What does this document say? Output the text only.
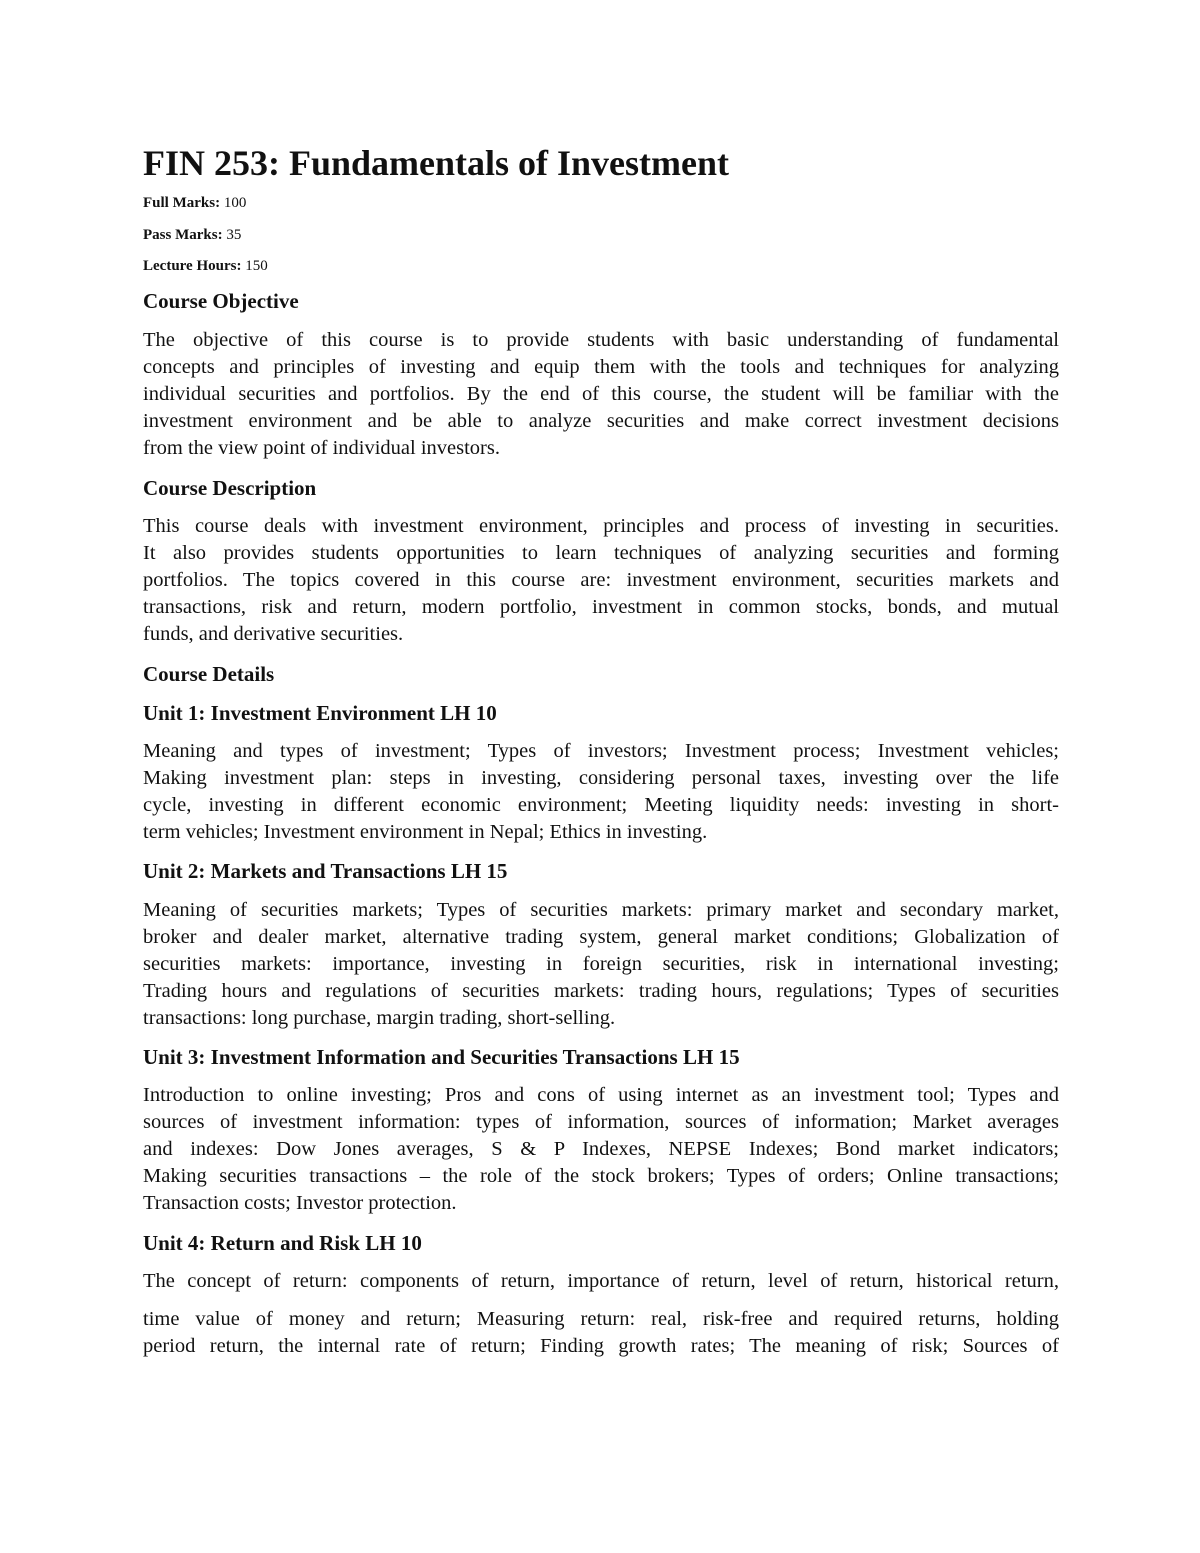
FIN 253: Fundamentals of Investment

Full Marks: 100

Pass Marks: 35

Lecture Hours: 150

Course Objective
The objective of this course is to provide students with basic understanding of fundamental
concepts and principles of investing and equip them with the tools and techniques for analyzing
individual securities and portfolios. By the end of this course, the student will be familiar with the
investment environment and be able to analyze securities and make correct investment decisions
from the view point of individual investors.
Course Description
This course deals with investment environment, principles and process of investing in securities.
It also provides students opportunities to learn techniques of analyzing securities and forming
portfolios. The topics covered in this course are: investment environment, securities markets and
transactions, risk and return, modern portfolio, investment in common stocks, bonds, and mutual
funds, and derivative securities.
Course Details
Unit 1: Investment Environment LH 10
Meaning and types of investment; Types of investors; Investment process; Investment vehicles;
Making investment plan: steps in investing, considering personal taxes, investing over the life
cycle, investing in different economic environment; Meeting liquidity needs: investing in short-
term vehicles; Investment environment in Nepal; Ethics in investing.
Unit 2: Markets and Transactions LH 15
Meaning of securities markets; Types of securities markets: primary market and secondary market,
broker and dealer market, alternative trading system, general market conditions; Globalization of
securities markets: importance, investing in foreign securities, risk in international investing;
Trading hours and regulations of securities markets: trading hours, regulations; Types of securities
transactions: long purchase, margin trading, short-selling.
Unit 3: Investment Information and Securities Transactions LH 15
Introduction to online investing; Pros and cons of using internet as an investment tool; Types and
sources of investment information: types of information, sources of information; Market averages
and indexes: Dow Jones averages, S & P Indexes, NEPSE Indexes; Bond market indicators;
Making securities transactions – the role of the stock brokers; Types of orders; Online transactions;
Transaction costs; Investor protection.
Unit 4: Return and Risk LH 10
The concept of return: components of return, importance of return, level of return, historical return,
time value of money and return; Measuring return: real, risk-free and required returns, holding
period return, the internal rate of return; Finding growth rates; The meaning of risk; Sources of
